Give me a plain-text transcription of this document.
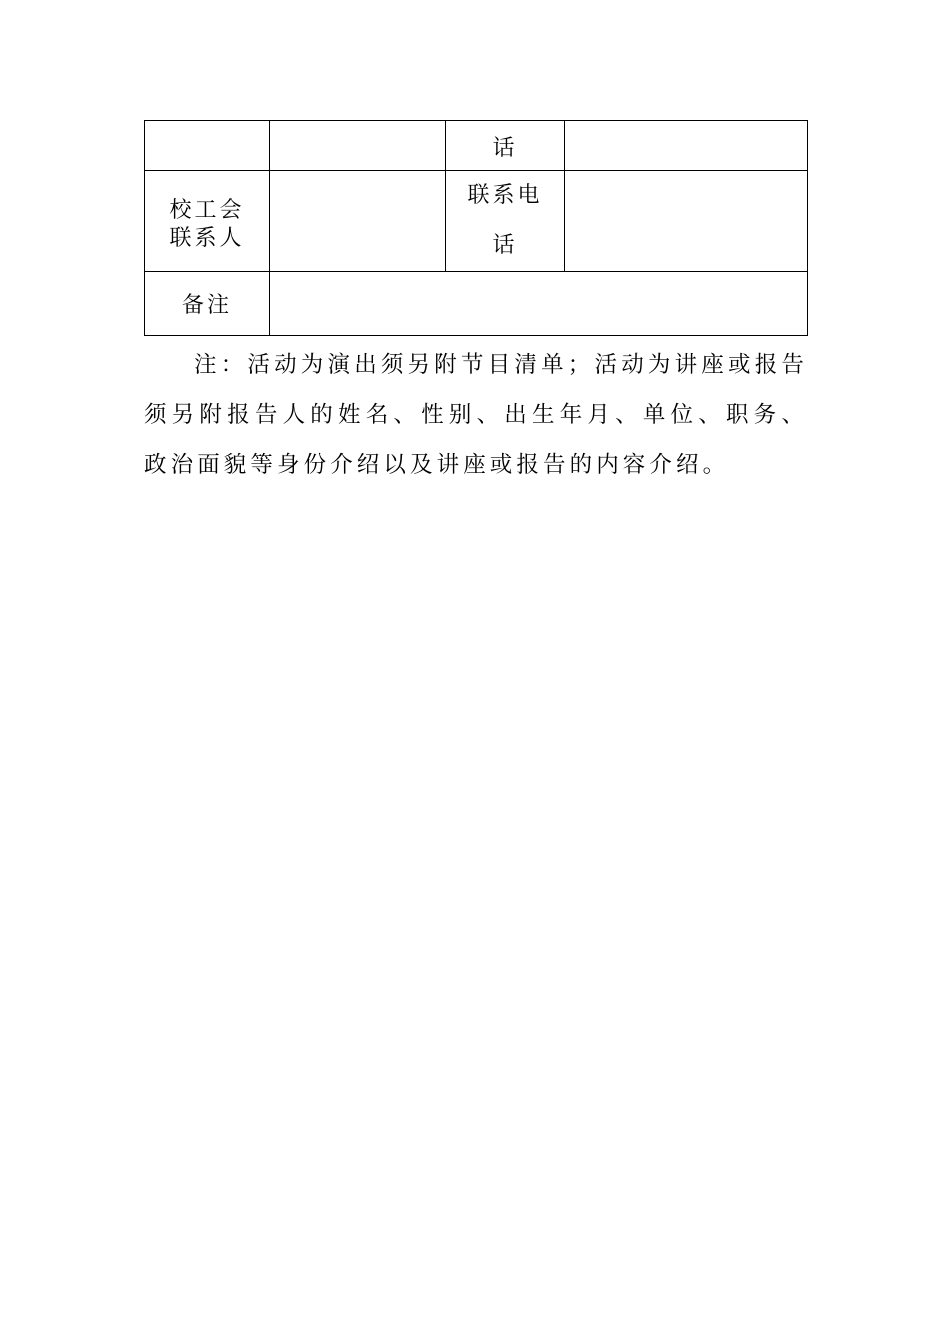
		话	

校工会
联系人		联系电话	
备注			

注：活动为演出须另附节目清单；活动为讲座或报告须另附报告人的姓名、性别、出生年月、单位、职务、政治面貌等身份介绍以及讲座或报告的内容介绍。
